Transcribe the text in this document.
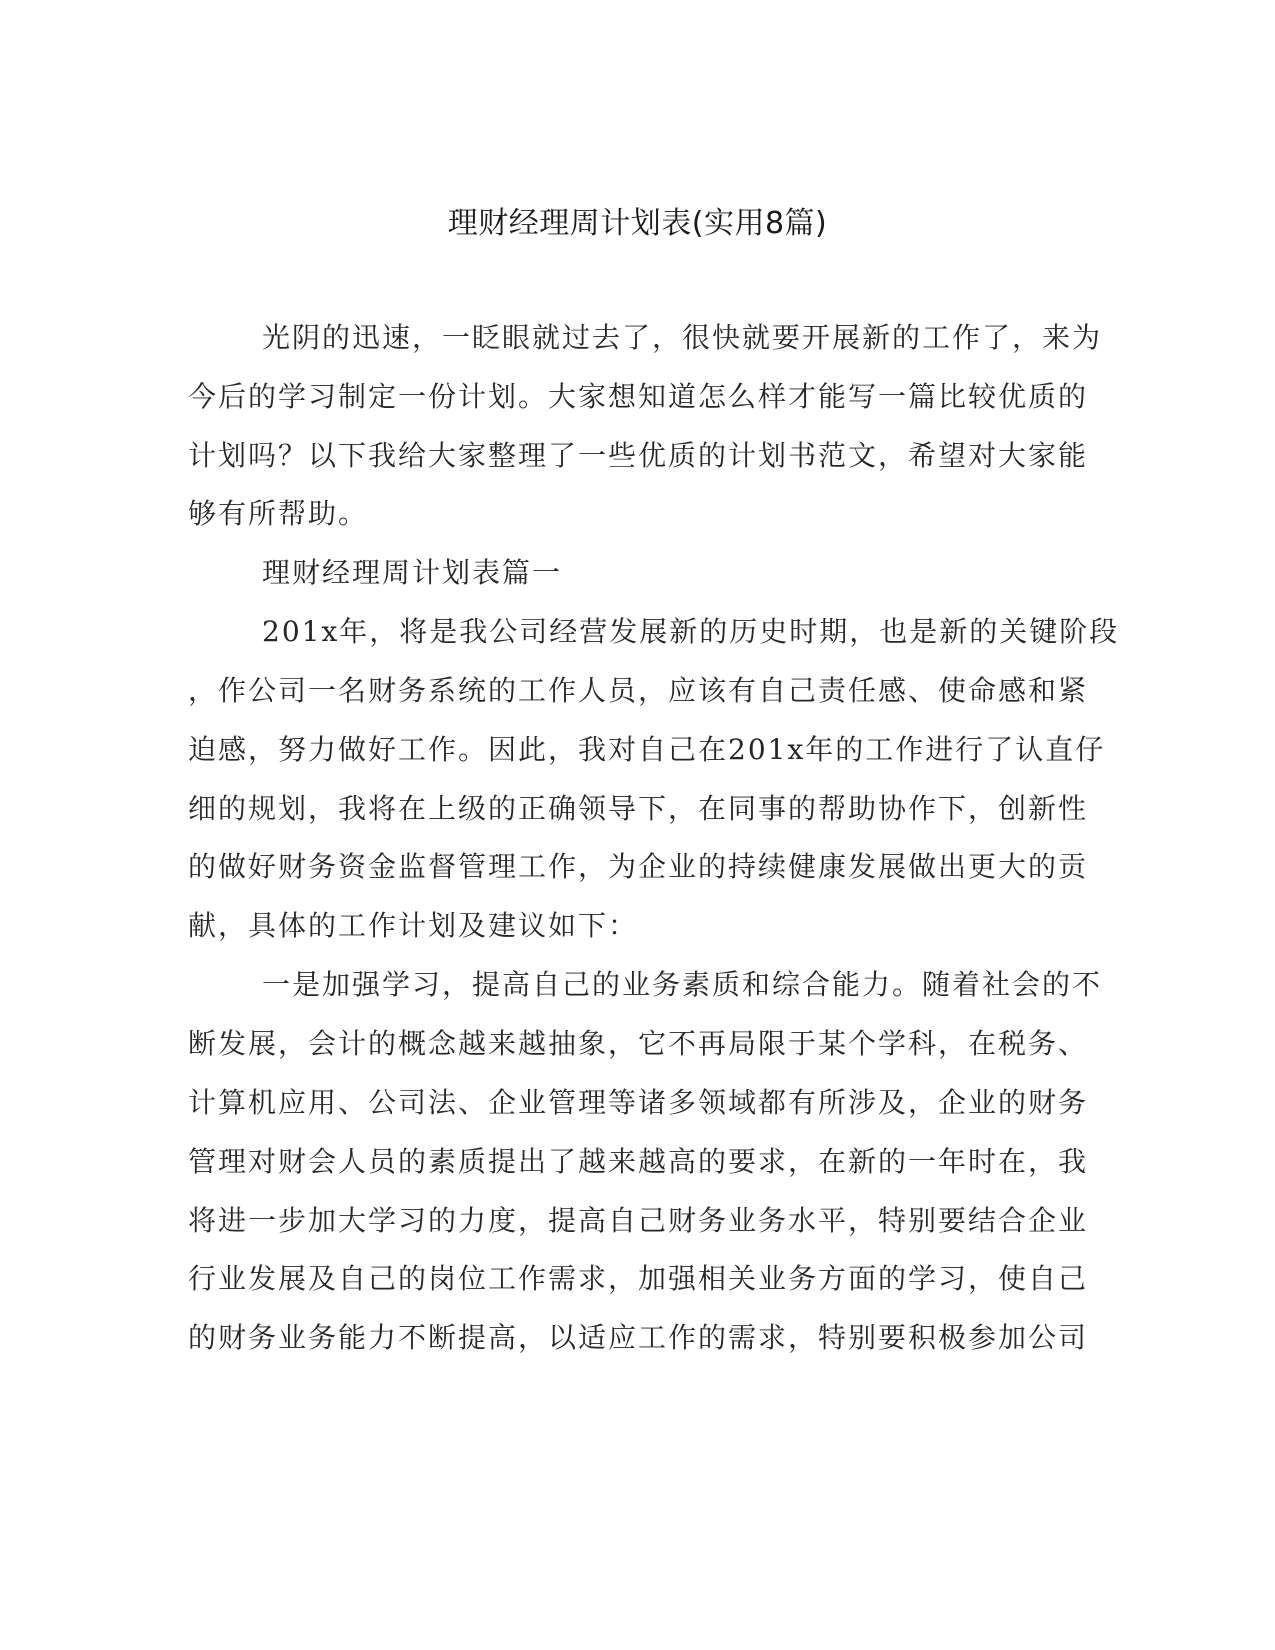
理财经理周计划表(实用8篇)
光阴的迅速，一眨眼就过去了，很快就要开展新的工作了，来为
今后的学习制定一份计划。大家想知道怎么样才能写一篇比较优质的
计划吗？以下我给大家整理了一些优质的计划书范文，希望对大家能
够有所帮助。
理财经理周计划表篇一
201x年，将是我公司经营发展新的历史时期，也是新的关键阶段
，作公司一名财务系统的工作人员，应该有自己责任感、使命感和紧
迫感，努力做好工作。因此，我对自己在201x年的工作进行了认直仔
细的规划，我将在上级的正确领导下，在同事的帮助协作下，创新性
的做好财务资金监督管理工作，为企业的持续健康发展做出更大的贡
献，具体的工作计划及建议如下：
一是加强学习，提高自己的业务素质和综合能力。随着社会的不
断发展，会计的概念越来越抽象，它不再局限于某个学科，在税务、
计算机应用、公司法、企业管理等诸多领域都有所涉及，企业的财务
管理对财会人员的素质提出了越来越高的要求，在新的一年时在，我
将进一步加大学习的力度，提高自己财务业务水平，特别要结合企业
行业发展及自己的岗位工作需求，加强相关业务方面的学习，使自己
的财务业务能力不断提高，以适应工作的需求，特别要积极参加公司
